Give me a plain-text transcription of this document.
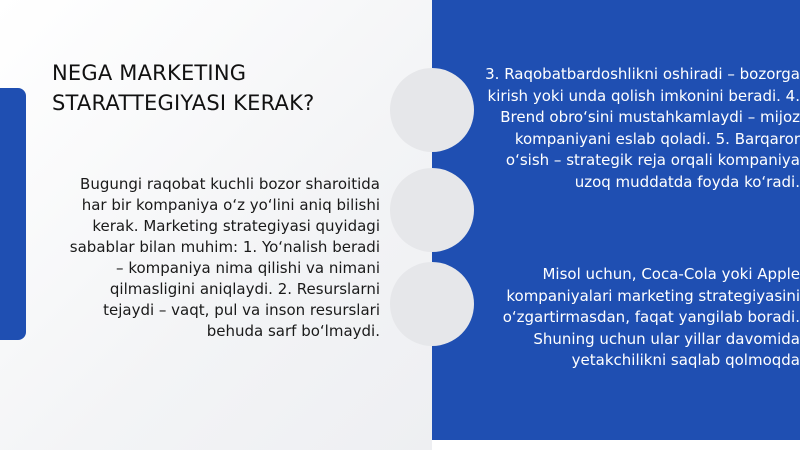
NEGA MARKETING STARATTEGIYASI KERAK?
Bugungi raqobat kuchli bozor sharoitida har bir kompaniya o‘z yo‘lini aniq bilishi kerak. Marketing strategiyasi quyidagi sabablar bilan muhim: 1. Yo‘nalish beradi – kompaniya nima qilishi va nimani qilmasligini aniqlaydi. 2. Resurslarni tejaydi – vaqt, pul va inson resurslari behuda sarf bo‘lmaydi.
3. Raqobatbardoshlikni oshiradi – bozorga kirish yoki unda qolish imkonini beradi. 4. Brend obro‘sini mustahkamlaydi – mijoz kompaniyani eslab qoladi. 5. Barqaror o‘sish – strategik reja orqali kompaniya uzoq muddatda foyda ko‘radi.
Misol uchun, Coca-Cola yoki Apple kompaniyalari marketing strategiyasini o‘zgartirmasdan, faqat yangilab boradi. Shuning uchun ular yillar davomida yetakchilikni saqlab qolmoqda
